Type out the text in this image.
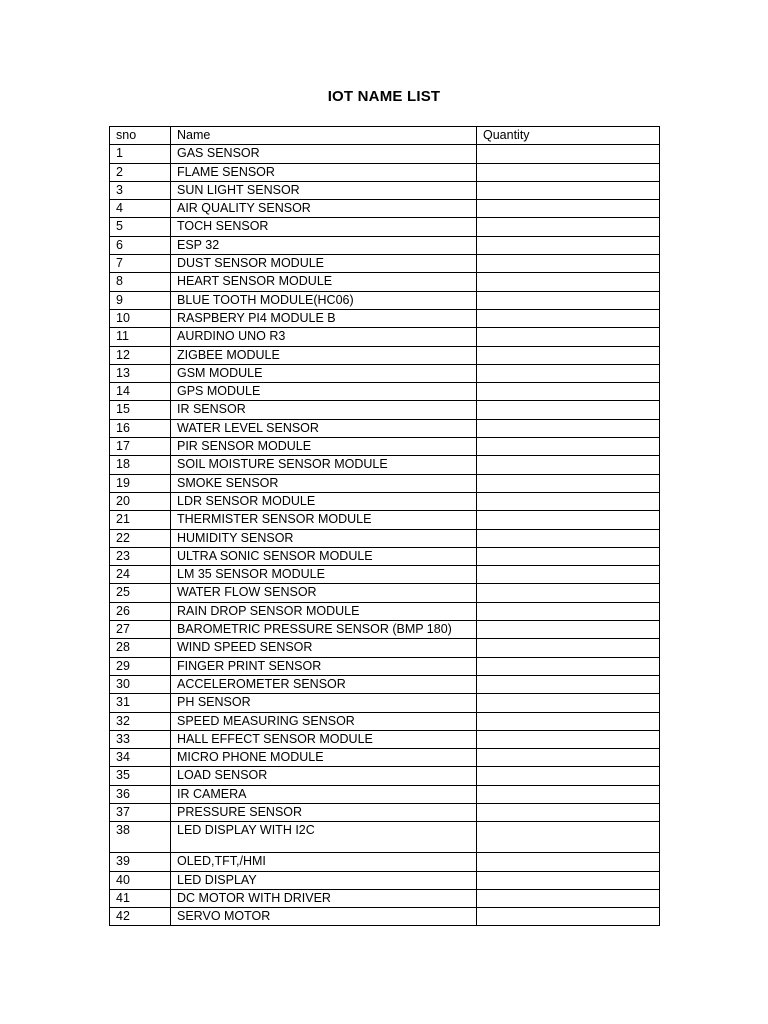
IOT NAME LIST
sno	Name	Quantity
1	GAS SENSOR	
2	FLAME SENSOR	
3	SUN LIGHT SENSOR	
4	AIR QUALITY SENSOR	
5	TOCH SENSOR	
6	ESP 32	
7	DUST SENSOR MODULE	
8	HEART SENSOR MODULE	
9	BLUE TOOTH MODULE(HC06)	
10	RASPBERY PI4 MODULE B	
11	AURDINO UNO R3	
12	ZIGBEE MODULE	
13	GSM MODULE	
14	GPS MODULE	
15	IR SENSOR	
16	WATER LEVEL SENSOR	
17	PIR SENSOR MODULE	
18	SOIL MOISTURE SENSOR MODULE	
19	SMOKE SENSOR	
20	LDR SENSOR MODULE	
21	THERMISTER SENSOR MODULE	
22	HUMIDITY SENSOR	
23	ULTRA SONIC SENSOR MODULE	
24	LM 35 SENSOR MODULE	
25	WATER FLOW SENSOR	
26	RAIN DROP SENSOR MODULE	
27	BAROMETRIC PRESSURE SENSOR (BMP 180)	
28	WIND SPEED SENSOR	
29	FINGER PRINT SENSOR	
30	ACCELEROMETER SENSOR	
31	PH SENSOR	
32	SPEED MEASURING SENSOR	
33	HALL EFFECT SENSOR MODULE	
34	MICRO PHONE MODULE	
35	LOAD SENSOR	
36	IR CAMERA	
37	PRESSURE SENSOR	
38	LED DISPLAY WITH I2C	
39	OLED,TFT,/HMI	
40	LED DISPLAY	
41	DC MOTOR WITH DRIVER	
42	SERVO MOTOR	
